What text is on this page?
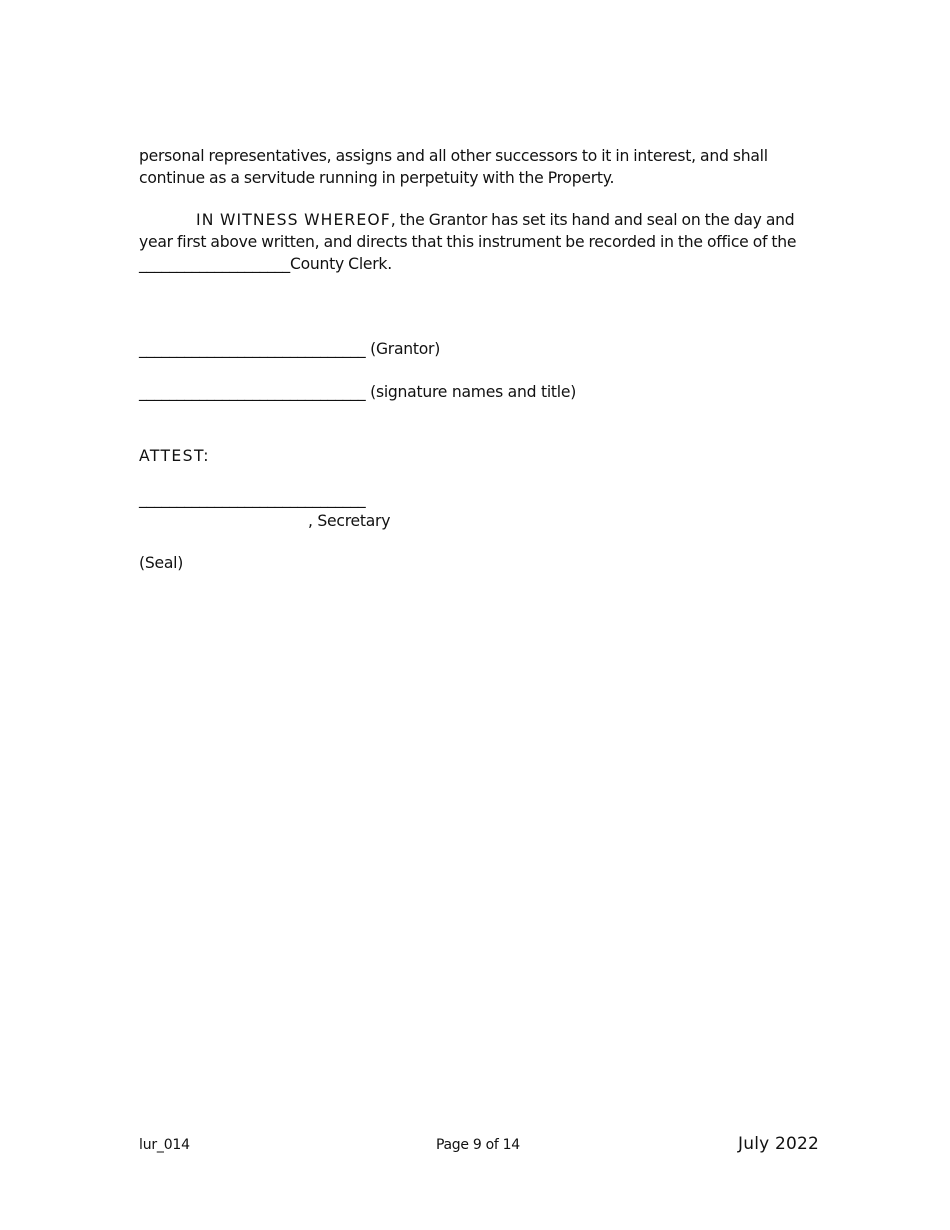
personal representatives, assigns and all other successors to it in interest, and shall
continue as a servitude running in perpetuity with the Property.
IN WITNESS WHEREOF, the Grantor has set its hand and seal on the day and
year first above written, and directs that this instrument be recorded in the office of the
____________________County Clerk.
______________________________ (Grantor)
______________________________ (signature names and title)
ATTEST:
______________________________
, Secretary
(Seal)
lur_014	Page 9 of 14	July 2022
